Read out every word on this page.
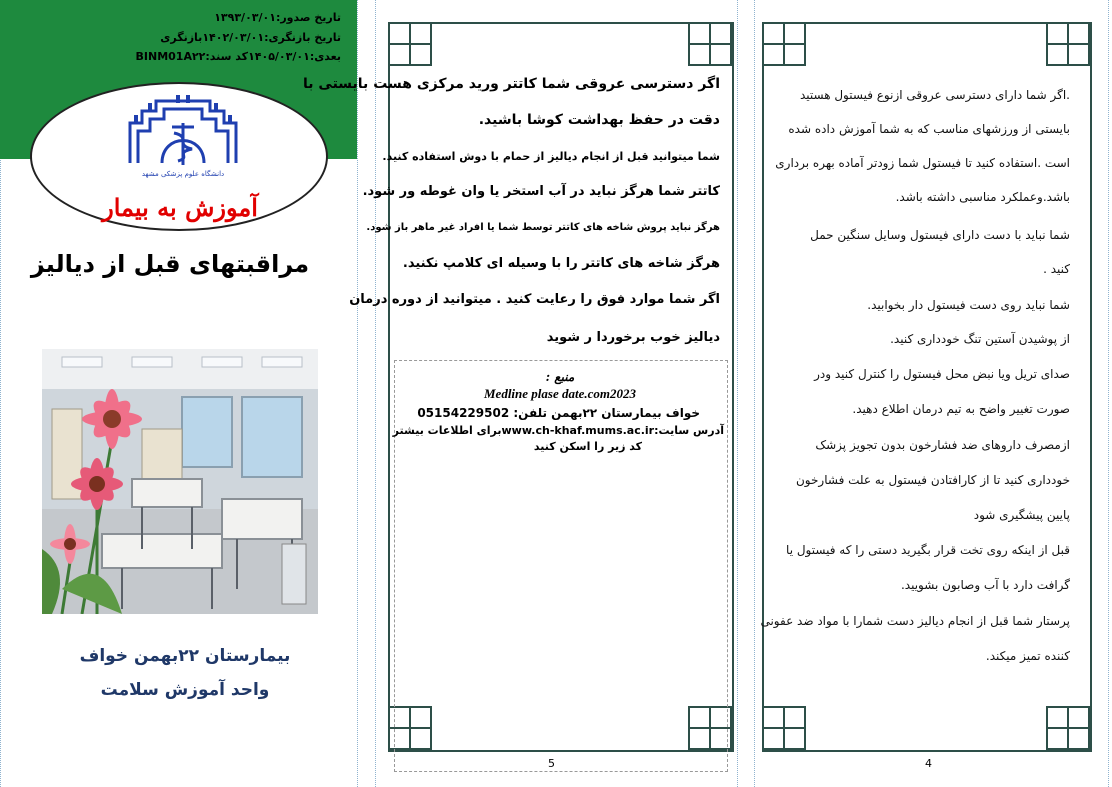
تاریخ صدور:۱۳۹۳/۰۳/۰۱
تاریخ بازنگری:۱۴۰۲/۰۳/۰۱بازنگری
بعدی:۱۴۰۵/۰۳/۰۱کد سند:BINM01A۲۲
دانشگاه علوم پزشکی مشهد
آموزش به بیمار
مراقبتهای قبل از دیالیز
بیمارستان ۲۲بهمن خواف
واحد آموزش سلامت
اگر دسترسی عروقی شما کاتتر ورید مرکزی هست بایستی با
دقت در حفظ بهداشت کوشا باشید.
شما میتوانید قبل از انجام دیالیز از حمام با دوش استفاده کنید.
کاتتر شما هرگز نباید در آب استخر یا وان غوطه ور شود.
هرگز نباید پروش شاخه های کاتتر توسط شما یا افراد غیر ماهر باز شود.
هرگز شاخه های کاتتر را با وسیله ای کلامپ نکنید.
اگر شما موارد فوق را رعایت کنید . میتوانید از دوره درمان
دیالیز خوب برخوردا ر شوید
منبع :
Medline plase date.com2023
خواف بیمارستان ۲۲بهمن تلفن: 05154229502
آدرس سایت:www.ch-khaf.mums.ac.irبرای اطلاعات بیشتر
کد زیر را اسکن کنید
5
.اگر شما دارای دسترسی عروقی ازنوع فیستول هستید
بایستی از ورزشهای مناسب که به شما آموزش داده شده
است .استفاده کنید تا فیستول شما زودتر آماده بهره برداری
باشد.وعملکرد مناسبی داشته باشد.
شما نباید با دست دارای فیستول وسایل سنگین حمل
کنید .
شما نباید روی دست فیستول دار بخوابید.
از پوشیدن آستین تنگ خودداری کنید.
صدای تریل ویا نبض محل فیستول را کنترل کنید ودر
صورت تغییر واضح به تیم درمان اطلاع دهید.
ازمصرف داروهای ضد فشارخون بدون تجویز پزشک
خودداری کنید تا از کارافتادن فیستول به علت فشارخون
پایین پیشگیری شود
قبل از اینکه روی تخت قرار بگیرید دستی را که فیستول یا
گرافت دارد با آب وصابون بشویید.
پرستار شما قبل از انجام دیالیز دست شمارا با مواد ضد عفونی
کننده تمیز میکند.
4
